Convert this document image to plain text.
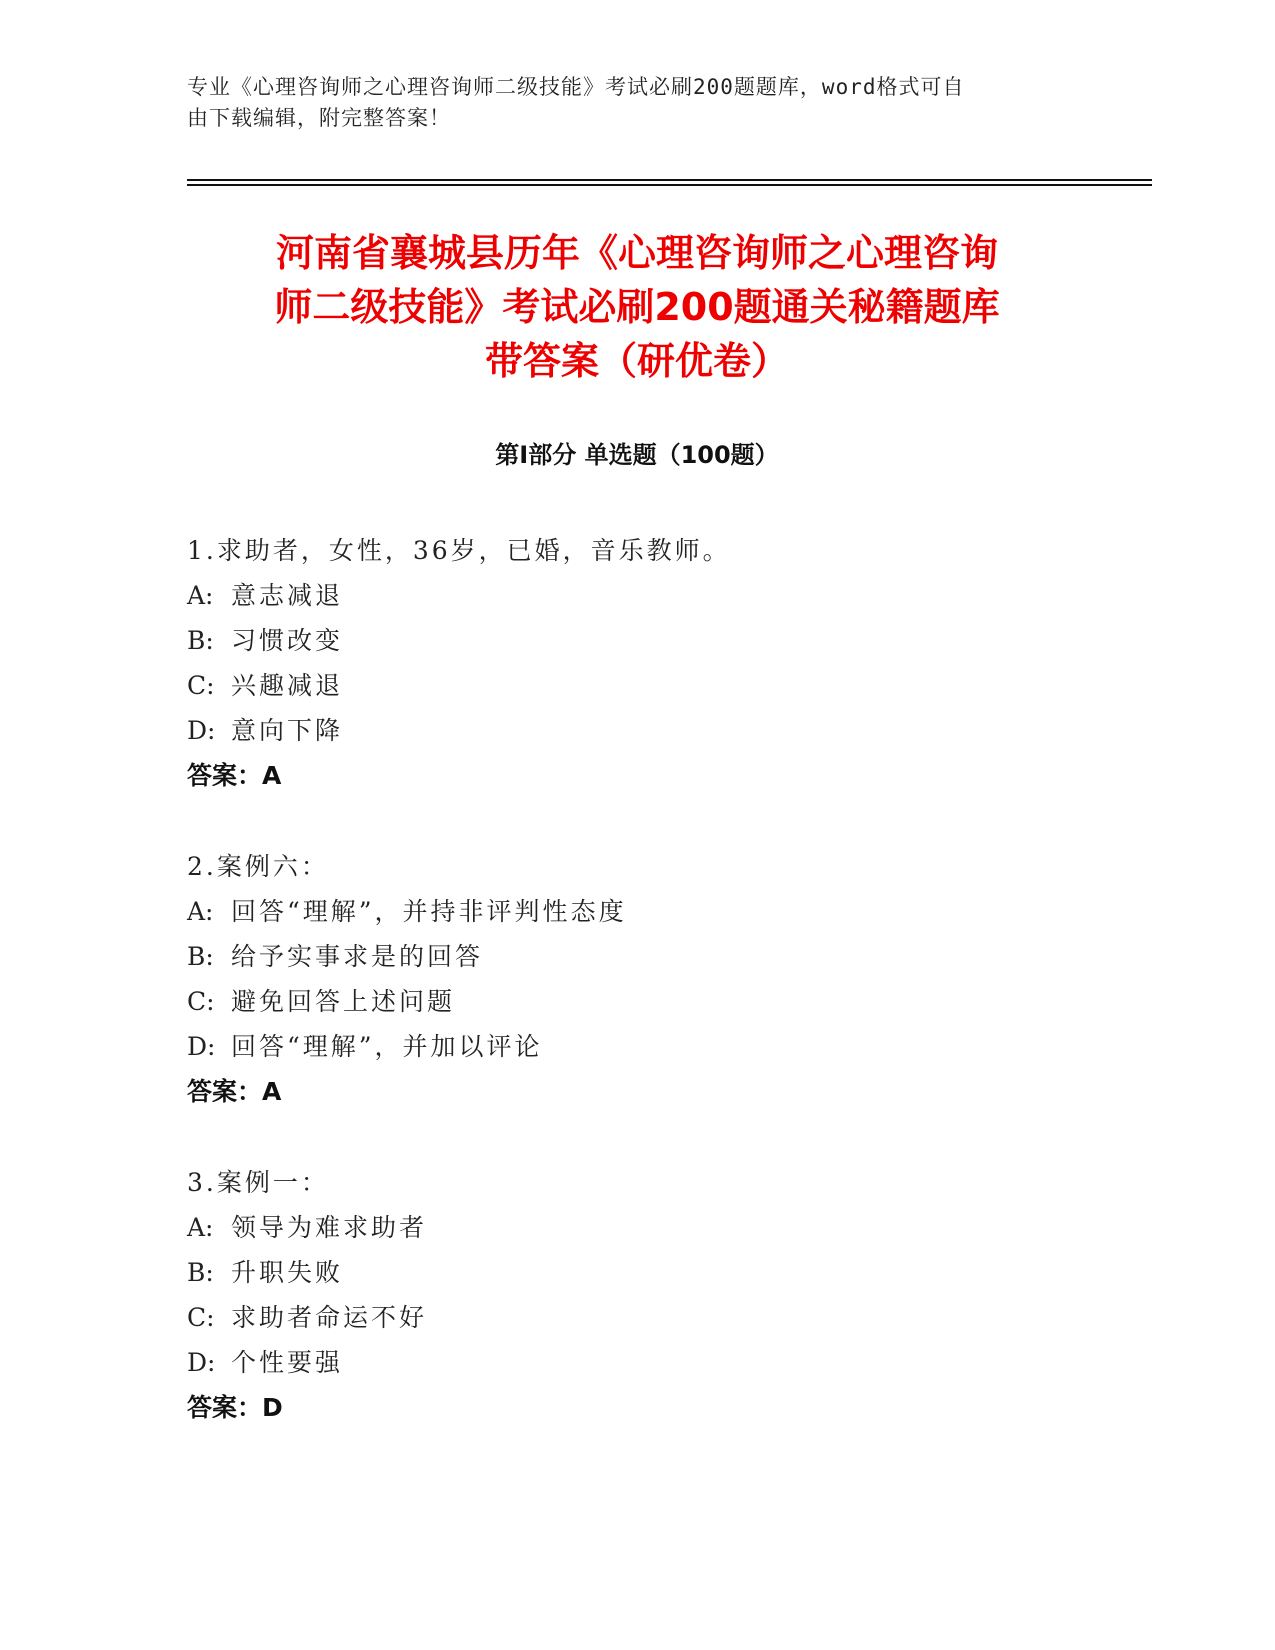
专业《心理咨询师之心理咨询师二级技能》考试必刷200题题库，word格式可自
由下载编辑，附完整答案！
河南省襄城县历年《心理咨询师之心理咨询
师二级技能》考试必刷200题通关秘籍题库
带答案（研优卷）
第Ⅰ部分 单选题（100题）
1.求助者，女性，36岁，已婚，音乐教师。
A: 意志减退
B: 习惯改变
C: 兴趣减退
D: 意向下降
答案：A
2.案例六：
A: 回答“理解”，并持非评判性态度
B: 给予实事求是的回答
C: 避免回答上述问题
D: 回答“理解”，并加以评论
答案：A
3.案例一：
A: 领导为难求助者
B: 升职失败
C: 求助者命运不好
D: 个性要强
答案：D
